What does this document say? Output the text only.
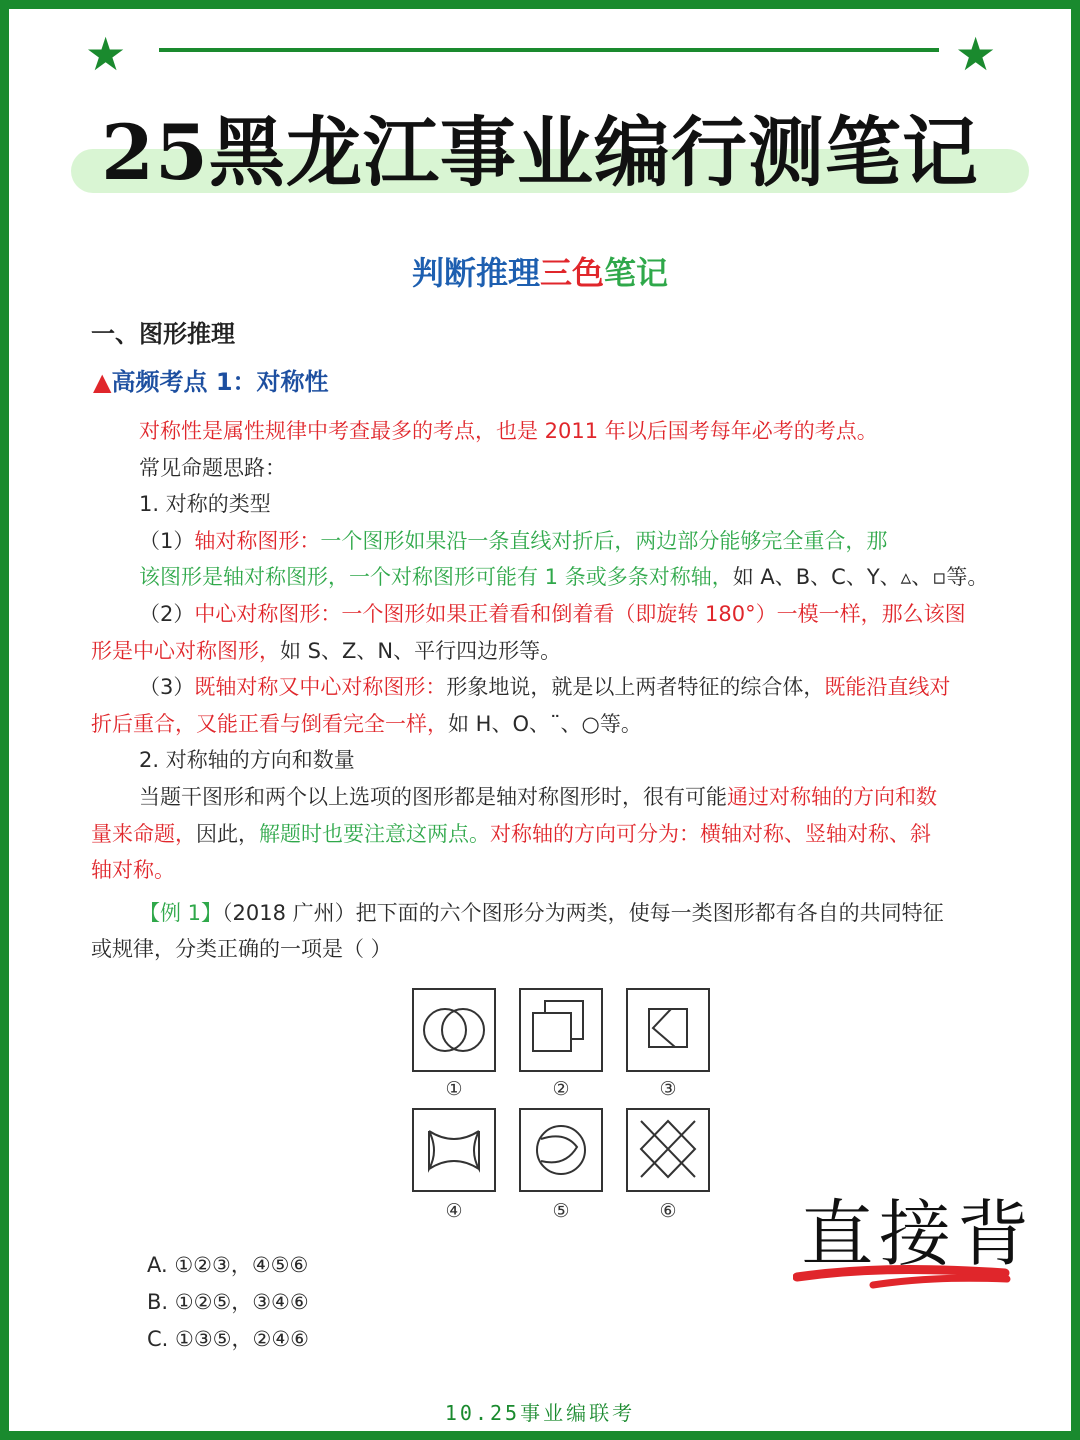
★	★
25黑龙江事业编行测笔记
判断推理三色笔记
一、图形推理
▲高频考点 1：对称性

对称性是属性规律中考查最多的考点，也是 2011 年以后国考每年必考的考点。

常见命题思路：

1. 对称的类型

（1）轴对称图形：一个图形如果沿一条直线对折后，两边部分能够完全重合，那

该图形是轴对称图形，一个对称图形可能有 1 条或多条对称轴，如 A、B、C、Y、▵、▫等。

（2）中心对称图形：一个图形如果正着看和倒着看（即旋转 180°）一模一样，那么该图

形是中心对称图形，如 S、Z、N、平行四边形等。

（3）既轴对称又中心对称图形：形象地说，就是以上两者特征的综合体，既能沿直线对

折后重合，又能正看与倒看完全一样，如 H、O、¨、○等。

2. 对称轴的方向和数量

当题干图形和两个以上选项的图形都是轴对称图形时，很有可能通过对称轴的方向和数

量来命题，因此，解题时也要注意这两点。对称轴的方向可分为：横轴对称、竖轴对称、斜

轴对称。

【例 1】（2018 广州）把下面的六个图形分为两类，使每一类图形都有各自的共同特征

或规律，分类正确的一项是（ ）

①	②	③
④	⑤	⑥ 直接背

A. ①②③，④⑤⑥

B. ①②⑤，③④⑥

C. ①③⑤，②④⑥

10.25事业编联考
